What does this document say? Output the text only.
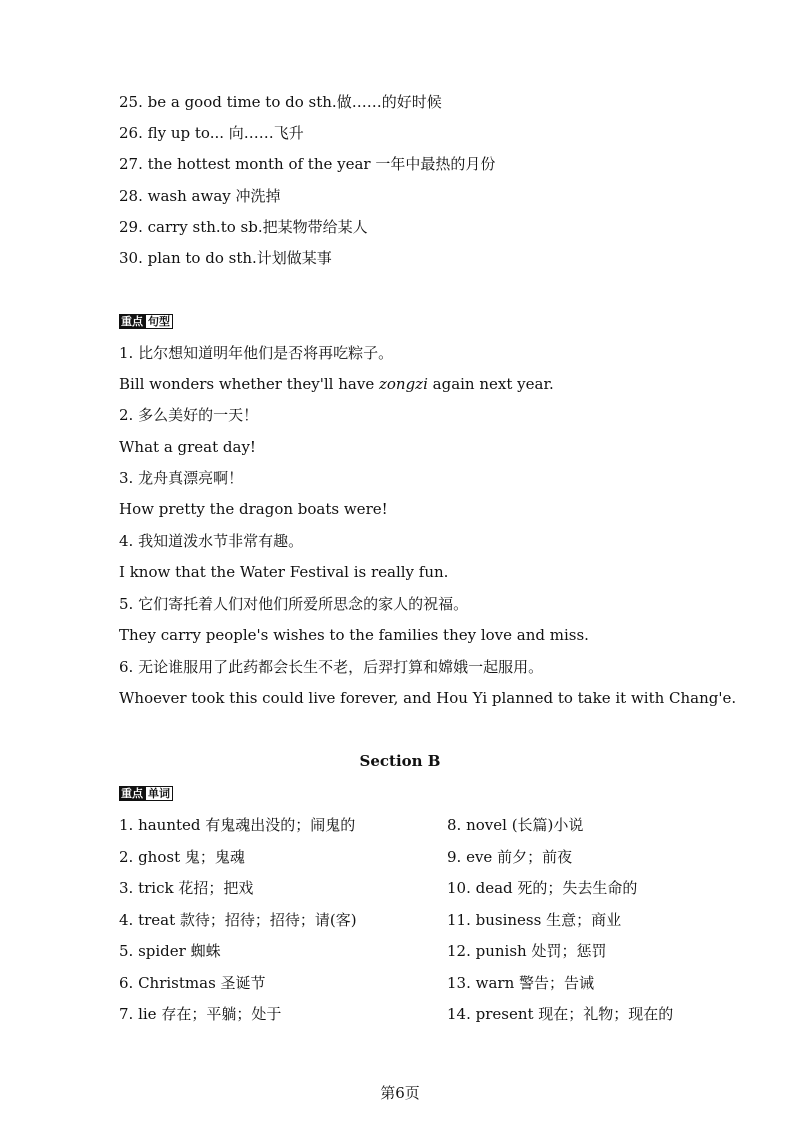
25. be a good time to do sth.做……的好时候
26. fly up to... 向……飞升
27. the hottest month of the year 一年中最热的月份
28. wash away 冲洗掉
29. carry sth.to sb.把某物带给某人
30. plan to do sth.计划做某事
重点 句型
1. 比尔想知道明年他们是否将再吃粽子。
Bill wonders whether they'll have zongzi again next year.
2. 多么美好的一天！
What a great day!
3. 龙舟真漂亮啊！
How pretty the dragon boats were!
4. 我知道泼水节非常有趣。
I know that the Water Festival is really fun.
5. 它们寄托着人们对他们所爱所思念的家人的祝福。
They carry people's wishes to the families they love and miss.
6. 无论谁服用了此药都会长生不老，后羿打算和嫦娥一起服用。
Whoever took this could live forever, and Hou Yi planned to take it with Chang'e.
Section B
重点 单词
1. haunted 有鬼魂出没的；闹鬼的
2. ghost 鬼；鬼魂
3. trick 花招；把戏
4. treat 款待；招待；招待；请(客)
5. spider 蜘蛛
6. Christmas 圣诞节
7. lie 存在；平躺；处于
8. novel (长篇)小说
9. eve 前夕；前夜
10. dead 死的；失去生命的
11. business 生意；商业
12. punish 处罚；惩罚
13. warn 警告；告诫
14. present 现在；礼物；现在的
第6页
